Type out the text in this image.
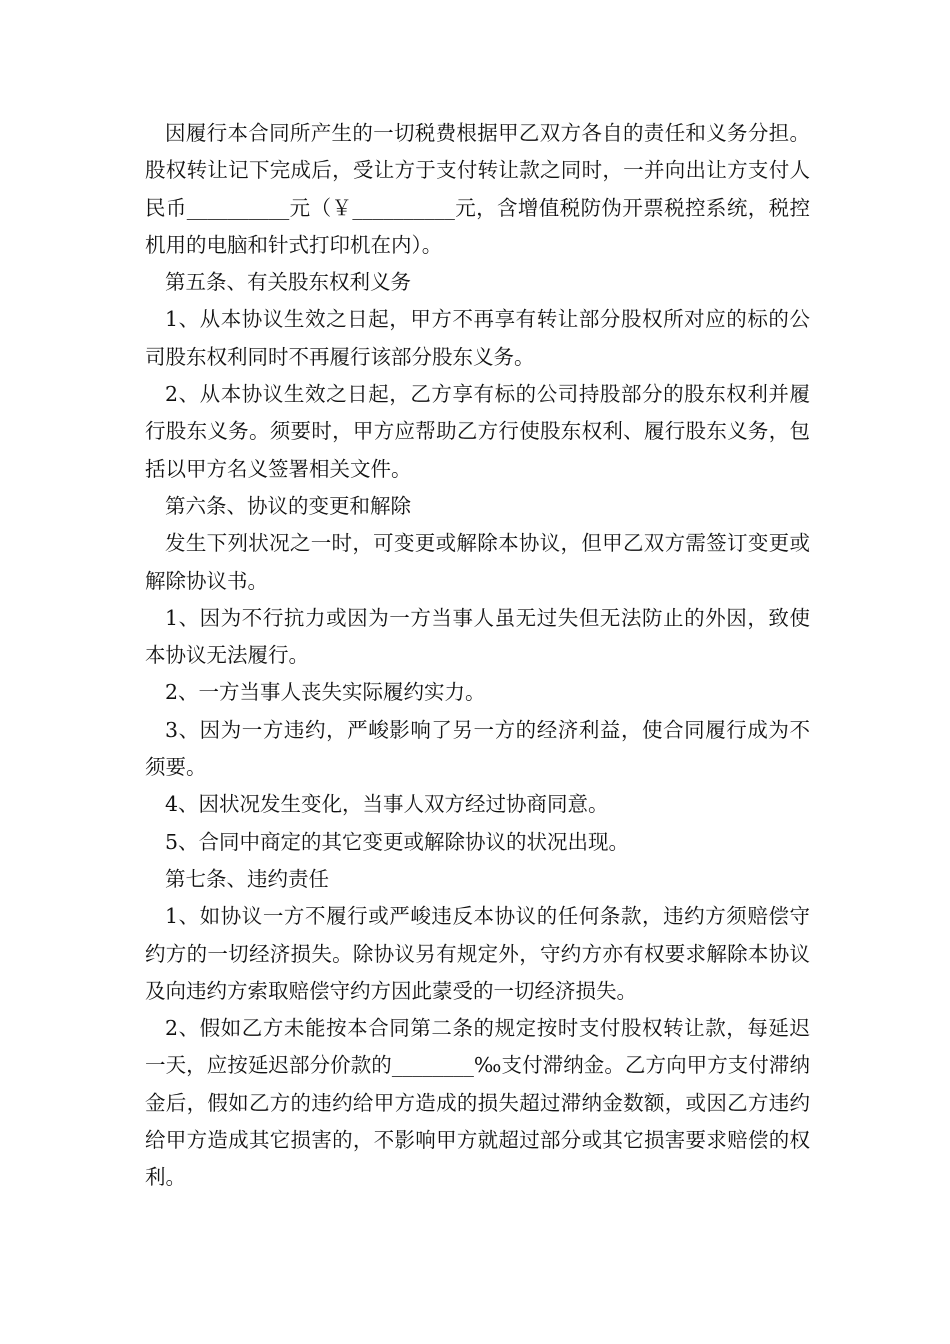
因履行本合同所产生的一切税费根据甲乙双方各自的责任和义务分担。股权转让记下完成后，受让方于支付转让款之同时，一并向出让方支付人民币__________元（￥__________元，含增值税防伪开票税控系统，税控机用的电脑和针式打印机在内）。

第五条、有关股东权利义务

1、从本协议生效之日起，甲方不再享有转让部分股权所对应的标的公司股东权利同时不再履行该部分股东义务。

2、从本协议生效之日起，乙方享有标的公司持股部分的股东权利并履行股东义务。须要时，甲方应帮助乙方行使股东权利、履行股东义务，包括以甲方名义签署相关文件。

第六条、协议的变更和解除

发生下列状况之一时，可变更或解除本协议，但甲乙双方需签订变更或解除协议书。

1、因为不行抗力或因为一方当事人虽无过失但无法防止的外因，致使本协议无法履行。

2、一方当事人丧失实际履约实力。

3、因为一方违约，严峻影响了另一方的经济利益，使合同履行成为不须要。

4、因状况发生变化，当事人双方经过协商同意。

5、合同中商定的其它变更或解除协议的状况出现。

第七条、违约责任

1、如协议一方不履行或严峻违反本协议的任何条款，违约方须赔偿守约方的一切经济损失。除协议另有规定外，守约方亦有权要求解除本协议及向违约方索取赔偿守约方因此蒙受的一切经济损失。

2、假如乙方未能按本合同第二条的规定按时支付股权转让款，每延迟一天，应按延迟部分价款的________‰支付滞纳金。乙方向甲方支付滞纳金后，假如乙方的违约给甲方造成的损失超过滞纳金数额，或因乙方违约给甲方造成其它损害的，不影响甲方就超过部分或其它损害要求赔偿的权利。
